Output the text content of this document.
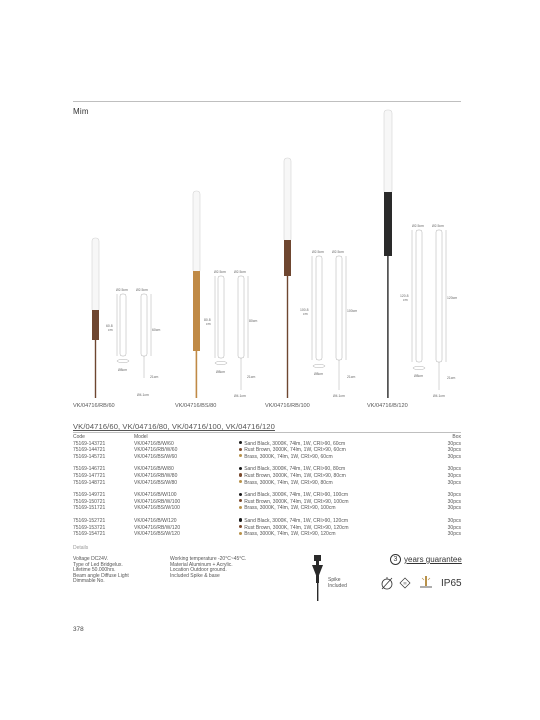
Mim
Ø2.5cm Ø2.5cm
60.8
cm	60cm
Ø8cm
21cm
Ø4.1cm
Ø2.5cm Ø2.5cm
80.8
cm
80cm
Ø8cm
21cm
Ø4.1cm
Ø2.5cm Ø2.5cm
100.8
cm
100cm
Ø8cm
21cm
Ø4.1cm
Ø2.5cm Ø2.5cm
120.8
cm	120cm
Ø8cm	21cm
Ø4.1cm
VK/04716/RB/60	VK/04716/BS/80	VK/04716/RB/100	VK/04716/B/120
VK/04716/60, VK/04716/80, VK/04716/100, VK/04716/120
Code	Model	Box
75169-143721	VK/04716/B/W/60	Sand Black, 3000K, 74lm, 1W, CRI>90, 60cm	30pcs
75169-144721	VK/04716/RB/W/60	Rust Brown, 3000K, 74lm, 1W, CRI>90, 60cm	30pcs
75169-145721	VK/04716/BS/W/60	Brass, 3000K, 74lm, 1W, CRI>90, 60cm	30pcs
75169-146721	VK/04716/B/W/80	Sand Black, 3000K, 74lm, 1W, CRI>90, 80cm	30pcs
75169-147721	VK/04716/RB/W/80	Rust Brown, 3000K, 74lm, 1W, CRI>90, 80cm	30pcs
75169-148721	VK/04716/BS/W/80	Brass, 3000K, 74lm, 1W, CRI>90, 80cm	30pcs
75169-149721	VK/04716/B/W/100	Sand Black, 3000K, 74lm, 1W, CRI>90, 100cm	30pcs
75169-150721	VK/04716/RB/W/100	Rust Brown, 3000K, 74lm, 1W, CRI>90, 100cm	30pcs
75169-151721	VK/04716/BS/W/100	Brass, 3000K, 74lm, 1W, CRI>90, 100cm	30pcs
75169-152721	VK/04716/B/W/120	Sand Black, 3000K, 74lm, 1W, CRI>90, 120cm	30pcs
75169-153721	VK/04716/RB/W/120	Rust Brown, 3000K, 74lm, 1W, CRI>90, 120cm	30pcs
75169-154721	VK/04716/BS/W/120	Brass, 3000K, 74lm, 1W, CRI>90, 120cm	30pcs
Details
Voltage DC24V.
Type of Led Bridgelux.
Lifetime 50.000hrs.
Beam angle Diffuse Light
Dimmable No.
Working temperature -20°C~45°C.
Material Aluminum + Acrylic.
Location Outdoor ground.
Included Spike & base
Spike
Included
3 years guarantee
III	IP65
378
